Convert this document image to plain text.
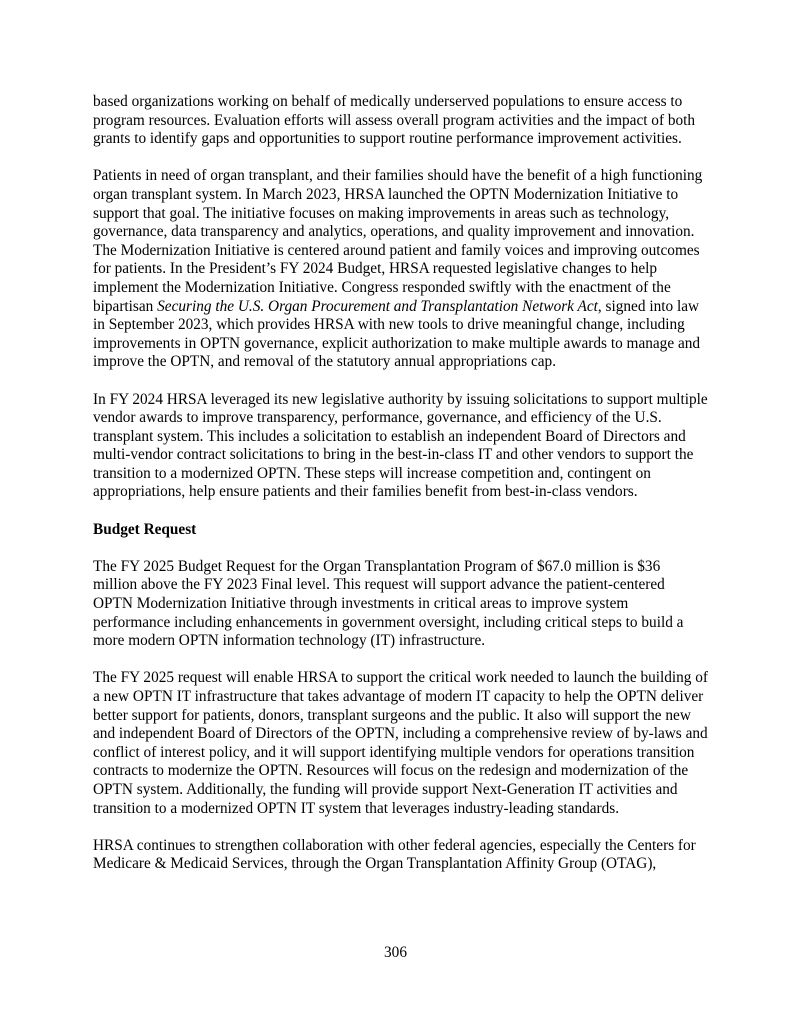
based organizations working on behalf of medically underserved populations to ensure access to program resources. Evaluation efforts will assess overall program activities and the impact of both grants to identify gaps and opportunities to support routine performance improvement activities.

Patients in need of organ transplant, and their families should have the benefit of a high functioning organ transplant system. In March 2023, HRSA launched the OPTN Modernization Initiative to support that goal. The initiative focuses on making improvements in areas such as technology, governance, data transparency and analytics, operations, and quality improvement and innovation. The Modernization Initiative is centered around patient and family voices and improving outcomes for patients. In the President’s FY 2024 Budget, HRSA requested legislative changes to help implement the Modernization Initiative. Congress responded swiftly with the enactment of the bipartisan Securing the U.S. Organ Procurement and Transplantation Network Act, signed into law in September 2023, which provides HRSA with new tools to drive meaningful change, including improvements in OPTN governance, explicit authorization to make multiple awards to manage and improve the OPTN, and removal of the statutory annual appropriations cap.

In FY 2024 HRSA leveraged its new legislative authority by issuing solicitations to support multiple vendor awards to improve transparency, performance, governance, and efficiency of the U.S. transplant system. This includes a solicitation to establish an independent Board of Directors and multi-vendor contract solicitations to bring in the best-in-class IT and other vendors to support the transition to a modernized OPTN. These steps will increase competition and, contingent on appropriations, help ensure patients and their families benefit from best-in-class vendors.

Budget Request

The FY 2025 Budget Request for the Organ Transplantation Program of $67.0 million is $36 million above the FY 2023 Final level. This request will support advance the patient-centered OPTN Modernization Initiative through investments in critical areas to improve system performance including enhancements in government oversight, including critical steps to build a more modern OPTN information technology (IT) infrastructure.

The FY 2025 request will enable HRSA to support the critical work needed to launch the building of a new OPTN IT infrastructure that takes advantage of modern IT capacity to help the OPTN deliver better support for patients, donors, transplant surgeons and the public. It also will support the new and independent Board of Directors of the OPTN, including a comprehensive review of by-laws and conflict of interest policy, and it will support identifying multiple vendors for operations transition contracts to modernize the OPTN. Resources will focus on the redesign and modernization of the OPTN system. Additionally, the funding will provide support Next-Generation IT activities and transition to a modernized OPTN IT system that leverages industry-leading standards.

HRSA continues to strengthen collaboration with other federal agencies, especially the Centers for Medicare & Medicaid Services, through the Organ Transplantation Affinity Group (OTAG),

306
